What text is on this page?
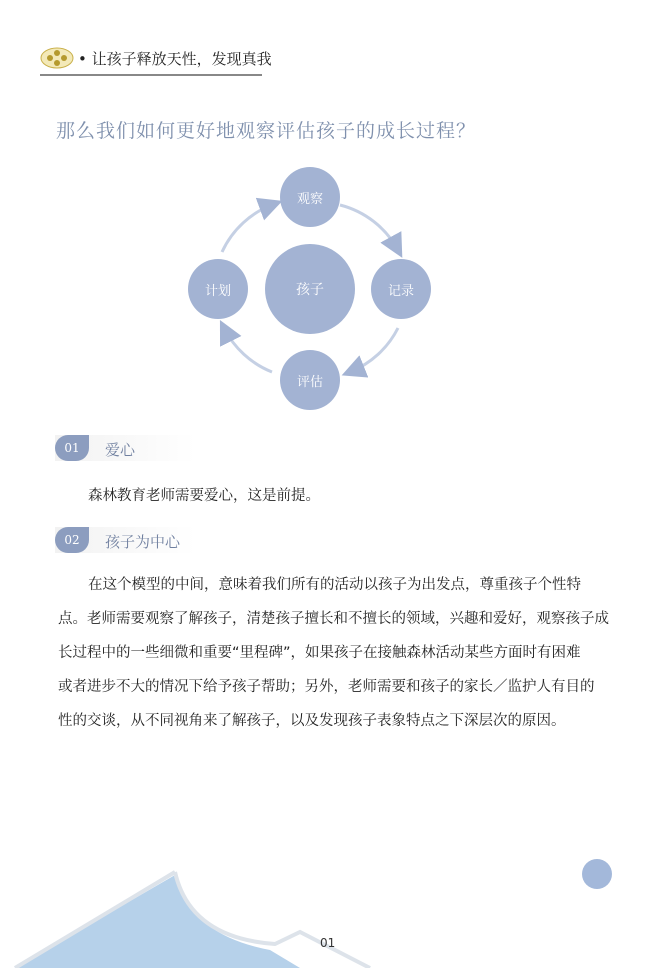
• 让孩子释放天性，发现真我
那么我们如何更好地观察评估孩子的成长过程？
孩子
观察
记录
评估
计划
01	爱心
森林教育老师需要爱心，这是前提。
02	孩子为中心
在这个模型的中间，意味着我们所有的活动以孩子为出发点，尊重孩子个性特
点。老师需要观察了解孩子，清楚孩子擅长和不擅长的领域，兴趣和爱好，观察孩子成
长过程中的一些细微和重要“里程碑”，如果孩子在接触森林活动某些方面时有困难
或者进步不大的情况下给予孩子帮助；另外，老师需要和孩子的家长／监护人有目的
性的交谈，从不同视角来了解孩子，以及发现孩子表象特点之下深层次的原因。
01
